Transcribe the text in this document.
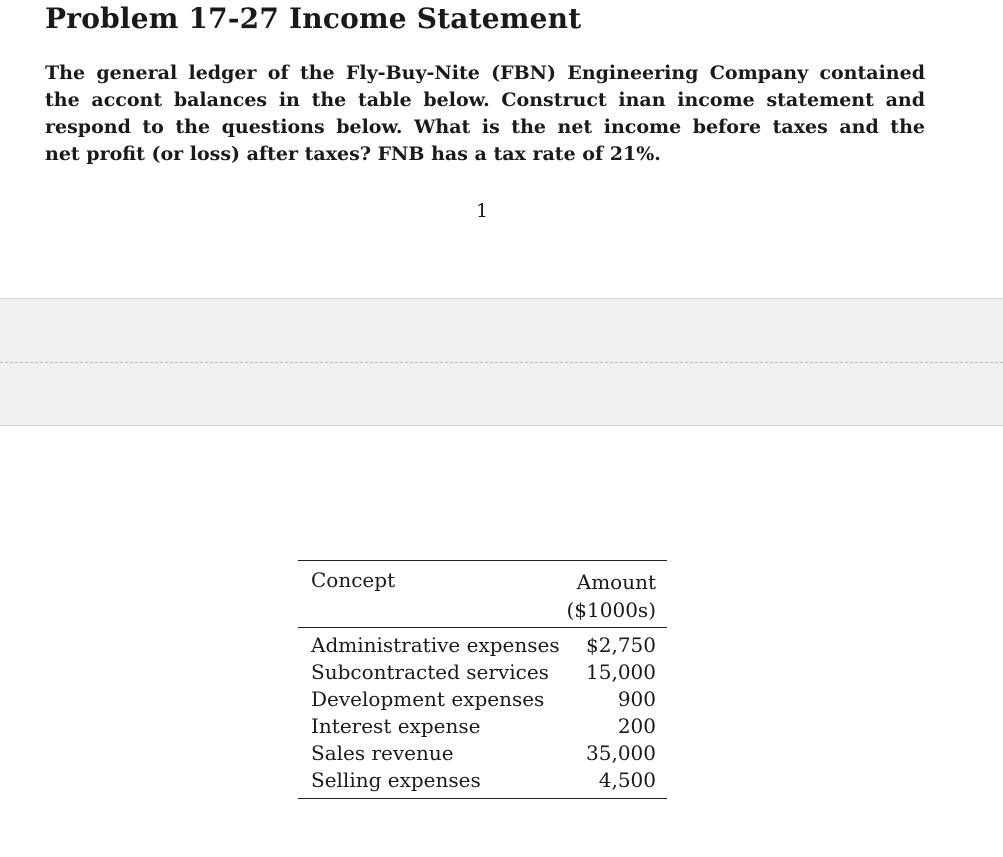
Problem 17-27 Income Statement

The general ledger of the Fly-Buy-Nite (FBN) Engineering Company contained
the accont balances in the table below. Construct inan income statement and
respond to the questions below. What is the net income before taxes and the
net profit (or loss) after taxes? FNB has a tax rate of 21%.

1
Concept	Amount
($1000s)
Administrative expenses $2,750
Subcontracted services 15,000
Development expenses	900
Interest expense	200
Sales revenue	35,000
Selling expenses	4,500
